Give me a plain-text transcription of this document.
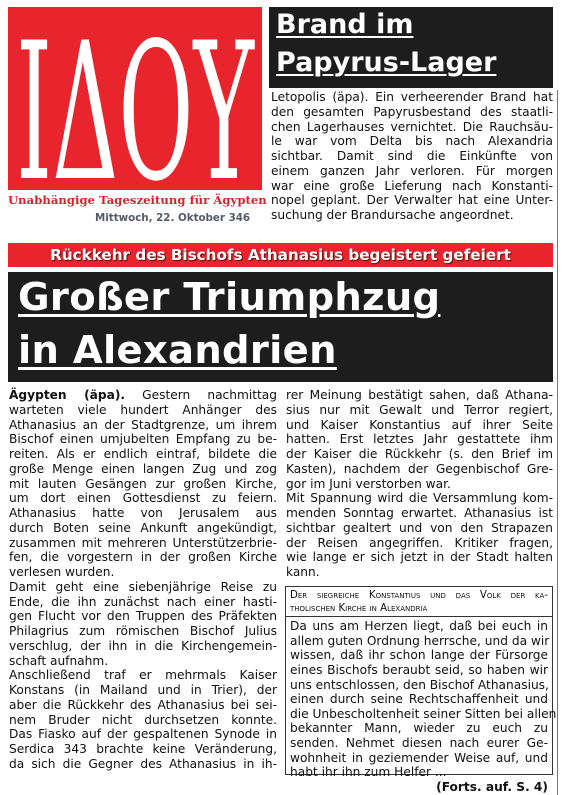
ΙΔΟΥ
Unabhängige Tageszeitung für Ägypten
Mittwoch, 22. Oktober 346
Brand im
Papyrus-Lager
Letopolis (äpa). Ein verheerender Brand hat
den gesamten Papyrusbestand des staatli-
chen Lagerhauses vernichtet. Die Rauchsäu-
le war vom Delta bis nach Alexandria
sichtbar. Damit sind die Einkünfte von
einem ganzen Jahr verloren. Für morgen
war eine große Lieferung nach Konstanti-
nopel geplant. Der Verwalter hat eine Unter-
suchung der Brandursache angeordnet.
Rückkehr des Bischofs Athanasius begeistert gefeiert
Großer Triumphzug
in Alexandrien
Ägypten (äpa). Gestern nachmittag
warteten viele hundert Anhänger des
Athanasius an der Stadtgrenze, um ihrem
Bischof einen umjubelten Empfang zu be-
reiten. Als er endlich eintraf, bildete die
große Menge einen langen Zug und zog
mit lauten Gesängen zur großen Kirche,
um dort einen Gottesdienst zu feiern.
Athanasius hatte von Jerusalem aus
durch Boten seine Ankunft angekündigt,
zusammen mit mehreren Unterstützerbrie-
fen, die vorgestern in der großen Kirche
verlesen wurden.
Damit geht eine siebenjährige Reise zu
Ende, die ihn zunächst nach einer hasti-
gen Flucht vor den Truppen des Präfekten
Philagrius zum römischen Bischof Julius
verschlug, der ihn in die Kirchengemein-
schaft aufnahm.
Anschließend traf er mehrmals Kaiser
Konstans (in Mailand und in Trier), der
aber die Rückkehr des Athanasius bei sei-
nem Bruder nicht durchsetzen konnte.
Das Fiasko auf der gespaltenen Synode in
Serdica 343 brachte keine Veränderung,
da sich die Gegner des Athanasius in ih-
rer Meinung bestätigt sahen, daß Athana-
sius nur mit Gewalt und Terror regiert,
und Kaiser Konstantius auf ihrer Seite
hatten. Erst letztes Jahr gestattete ihm
der Kaiser die Rückkehr (s. den Brief im
Kasten), nachdem der Gegenbischof Gre-
gor im Juni verstorben war.
Mit Spannung wird die Versammlung kom-
menden Sonntag erwartet. Athanasius ist
sichtbar gealtert und von den Strapazen
der Reisen angegriffen. Kritiker fragen,
wie lange er sich jetzt in der Stadt halten
kann.
Der siegreiche Konstantius und das Volk der ka-
tholischen Kirche in Alexandria
Da uns am Herzen liegt, daß bei euch in
allem guten Ordnung herrsche, und da wir
wissen, daß ihr schon lange der Fürsorge
eines Bischofs beraubt seid, so haben wir
uns entschlossen, den Bischof Athanasius,
einen durch seine Rechtschaffenheit und
die Unbescholtenheit seiner Sitten bei allen
bekannter Mann, wieder zu euch zu
senden. Nehmet diesen nach eurer Ge-
wohnheit in geziemender Weise auf, und
habt ihr ihn zum Helfer ...
(Forts. auf. S. 4)
